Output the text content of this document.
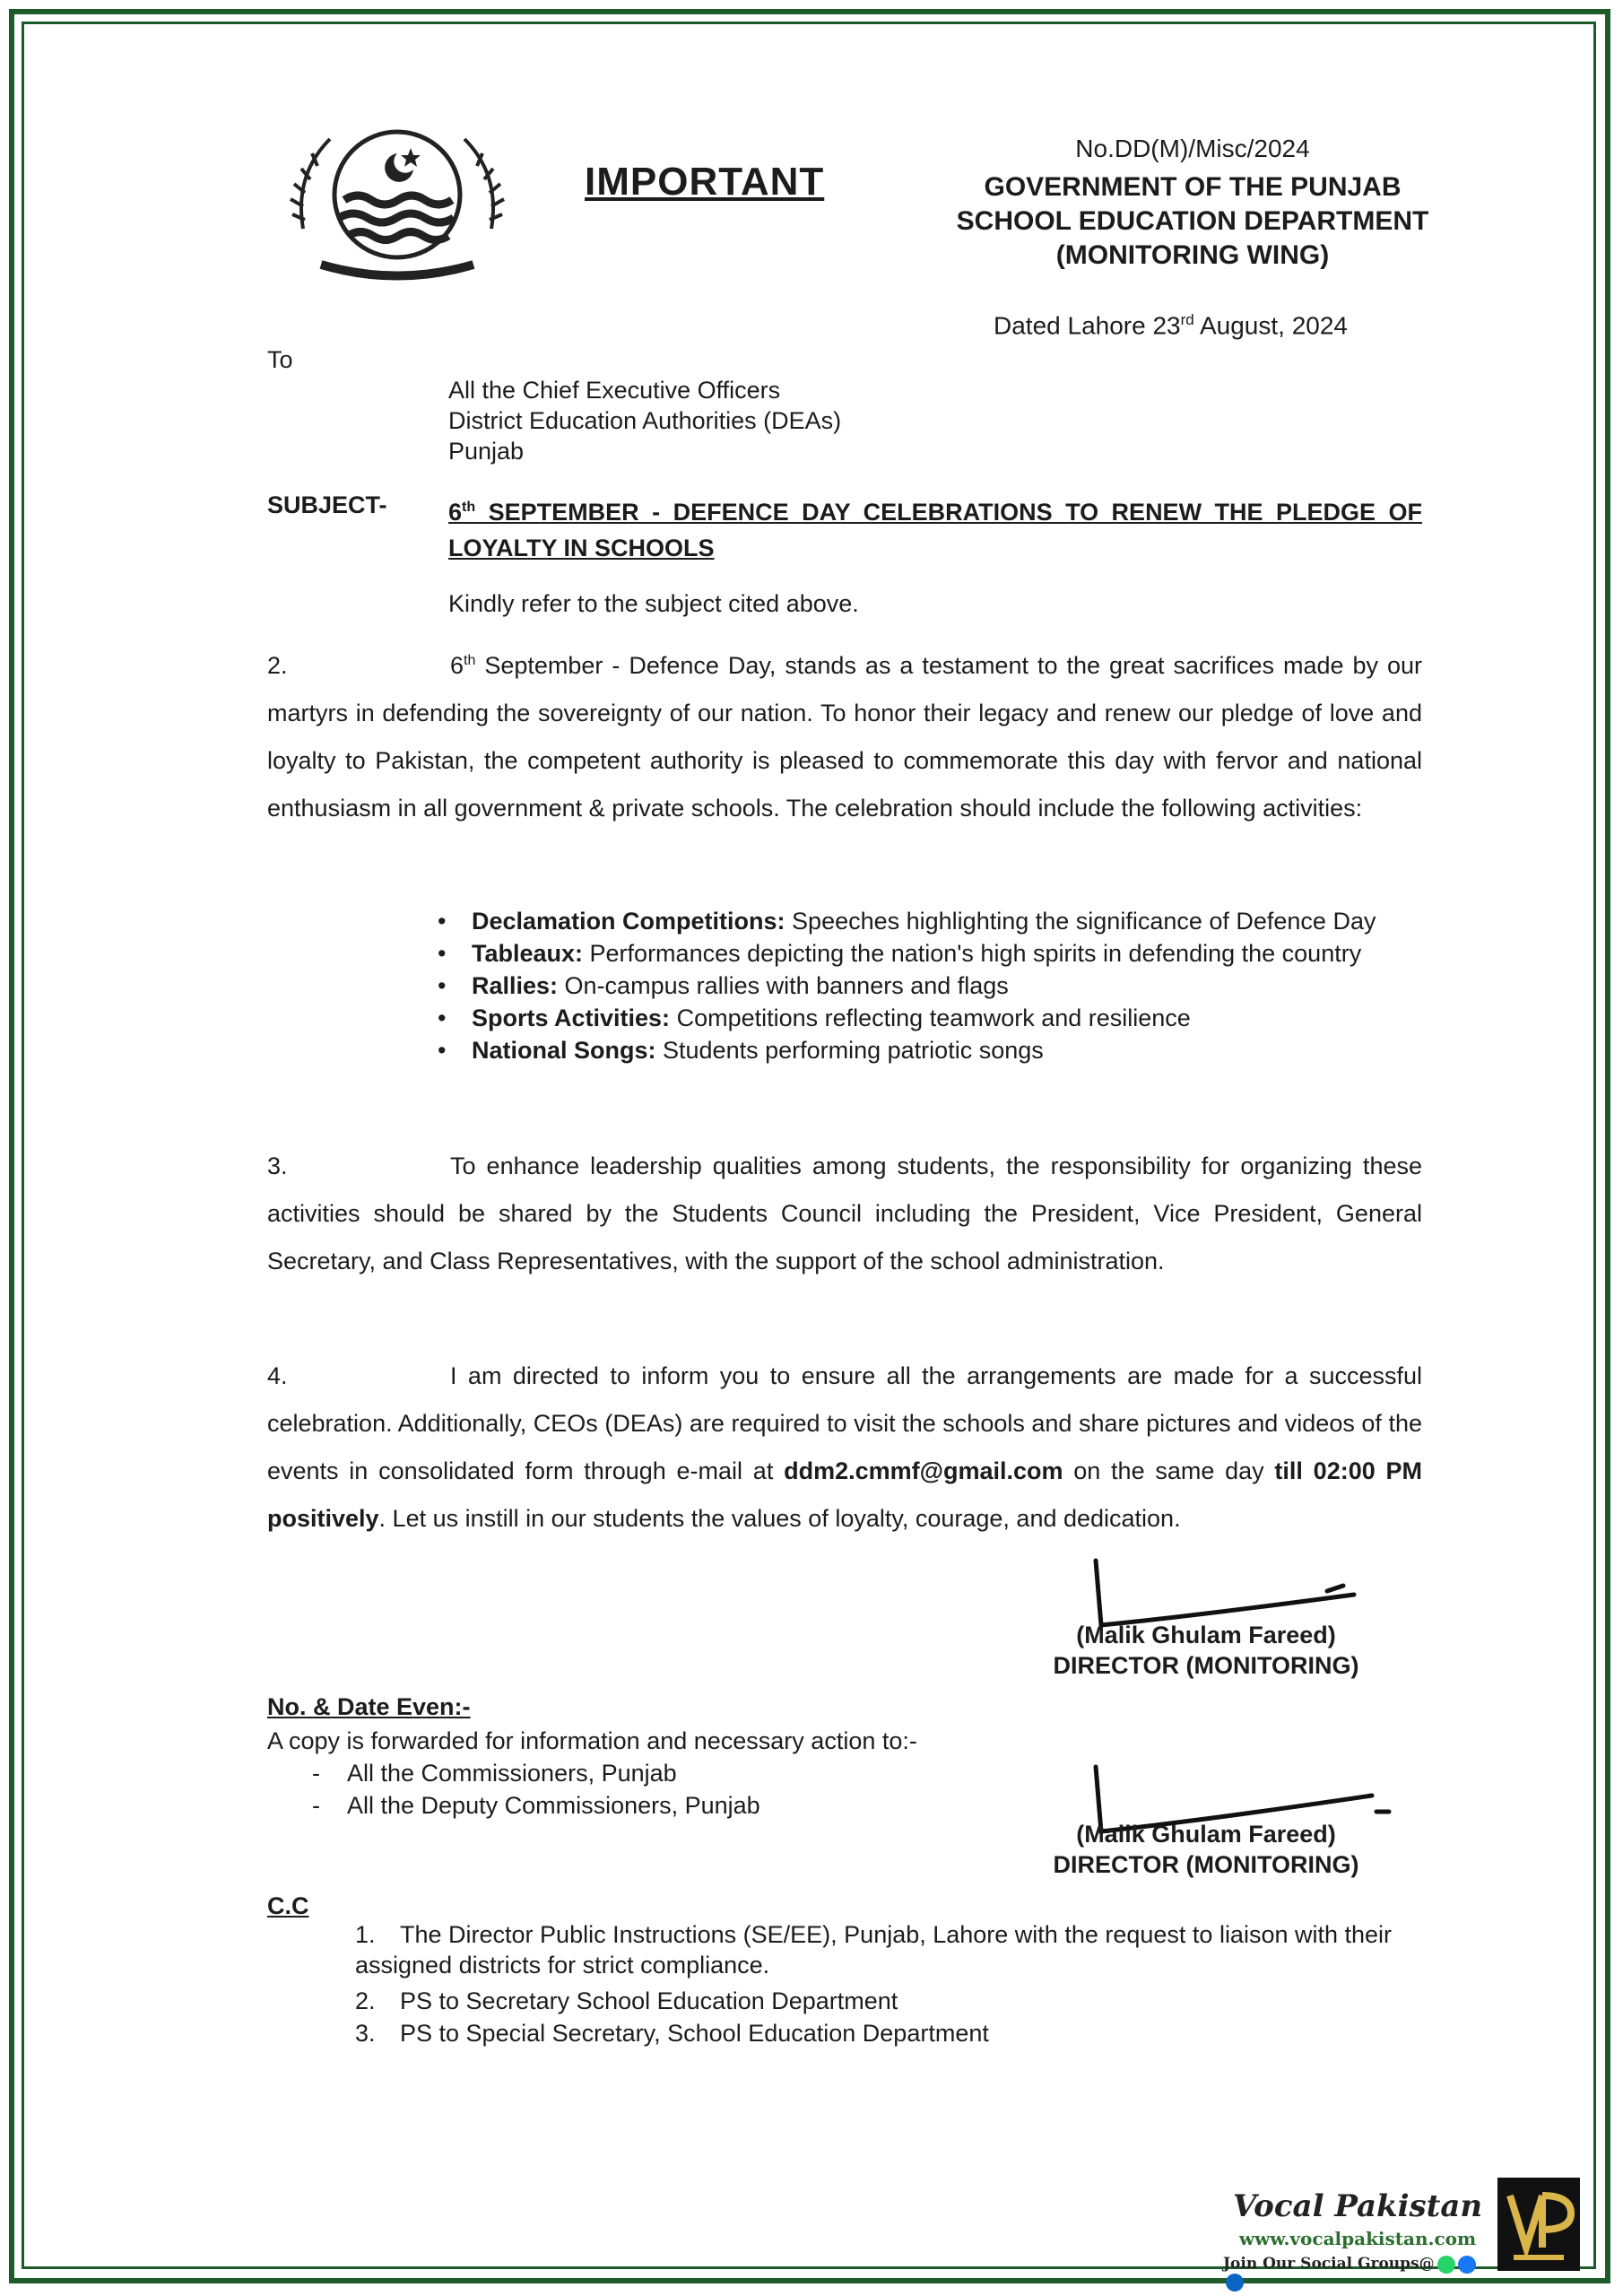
IMPORTANT
No.DD(M)/Misc/2024
GOVERNMENT OF THE PUNJAB
SCHOOL EDUCATION DEPARTMENT
(MONITORING WING)
Dated Lahore 23rd August, 2024
To
All the Chief Executive Officers
District Education Authorities (DEAs)
Punjab
SUBJECT-	6th SEPTEMBER - DEFENCE DAY CELEBRATIONS TO RENEW THE PLEDGE OF LOYALTY IN SCHOOLS
Kindly refer to the subject cited above.
2.	6th September - Defence Day, stands as a testament to the great sacrifices made by our martyrs in defending the sovereignty of our nation. To honor their legacy and renew our pledge of love and loyalty to Pakistan, the competent authority is pleased to commemorate this day with fervor and national enthusiasm in all government & private schools. The celebration should include the following activities:
• Declamation Competitions: Speeches highlighting the significance of Defence Day
• Tableaux: Performances depicting the nation's high spirits in defending the country
• Rallies: On-campus rallies with banners and flags
• Sports Activities: Competitions reflecting teamwork and resilience
• National Songs: Students performing patriotic songs
3.	To enhance leadership qualities among students, the responsibility for organizing these activities should be shared by the Students Council including the President, Vice President, General Secretary, and Class Representatives, with the support of the school administration.
4.	I am directed to inform you to ensure all the arrangements are made for a successful celebration. Additionally, CEOs (DEAs) are required to visit the schools and share pictures and videos of the events in consolidated form through e-mail at ddm2.cmmf@gmail.com on the same day till 02:00 PM positively. Let us instill in our students the values of loyalty, courage, and dedication.
(Malik Ghulam Fareed)
DIRECTOR (MONITORING)
No. & Date Even:-
A copy is forwarded for information and necessary action to:-
-    All the Commissioners, Punjab
-    All the Deputy Commissioners, Punjab
(Malik Ghulam Fareed)
DIRECTOR (MONITORING)
C.C
1. The Director Public Instructions (SE/EE), Punjab, Lahore with the request to liaison with their assigned districts for strict compliance.
2. PS to Secretary School Education Department
3. PS to Special Secretary, School Education Department
Vocal Pakistan
www.vocalpakistan.com
Join Our Social Groups@
